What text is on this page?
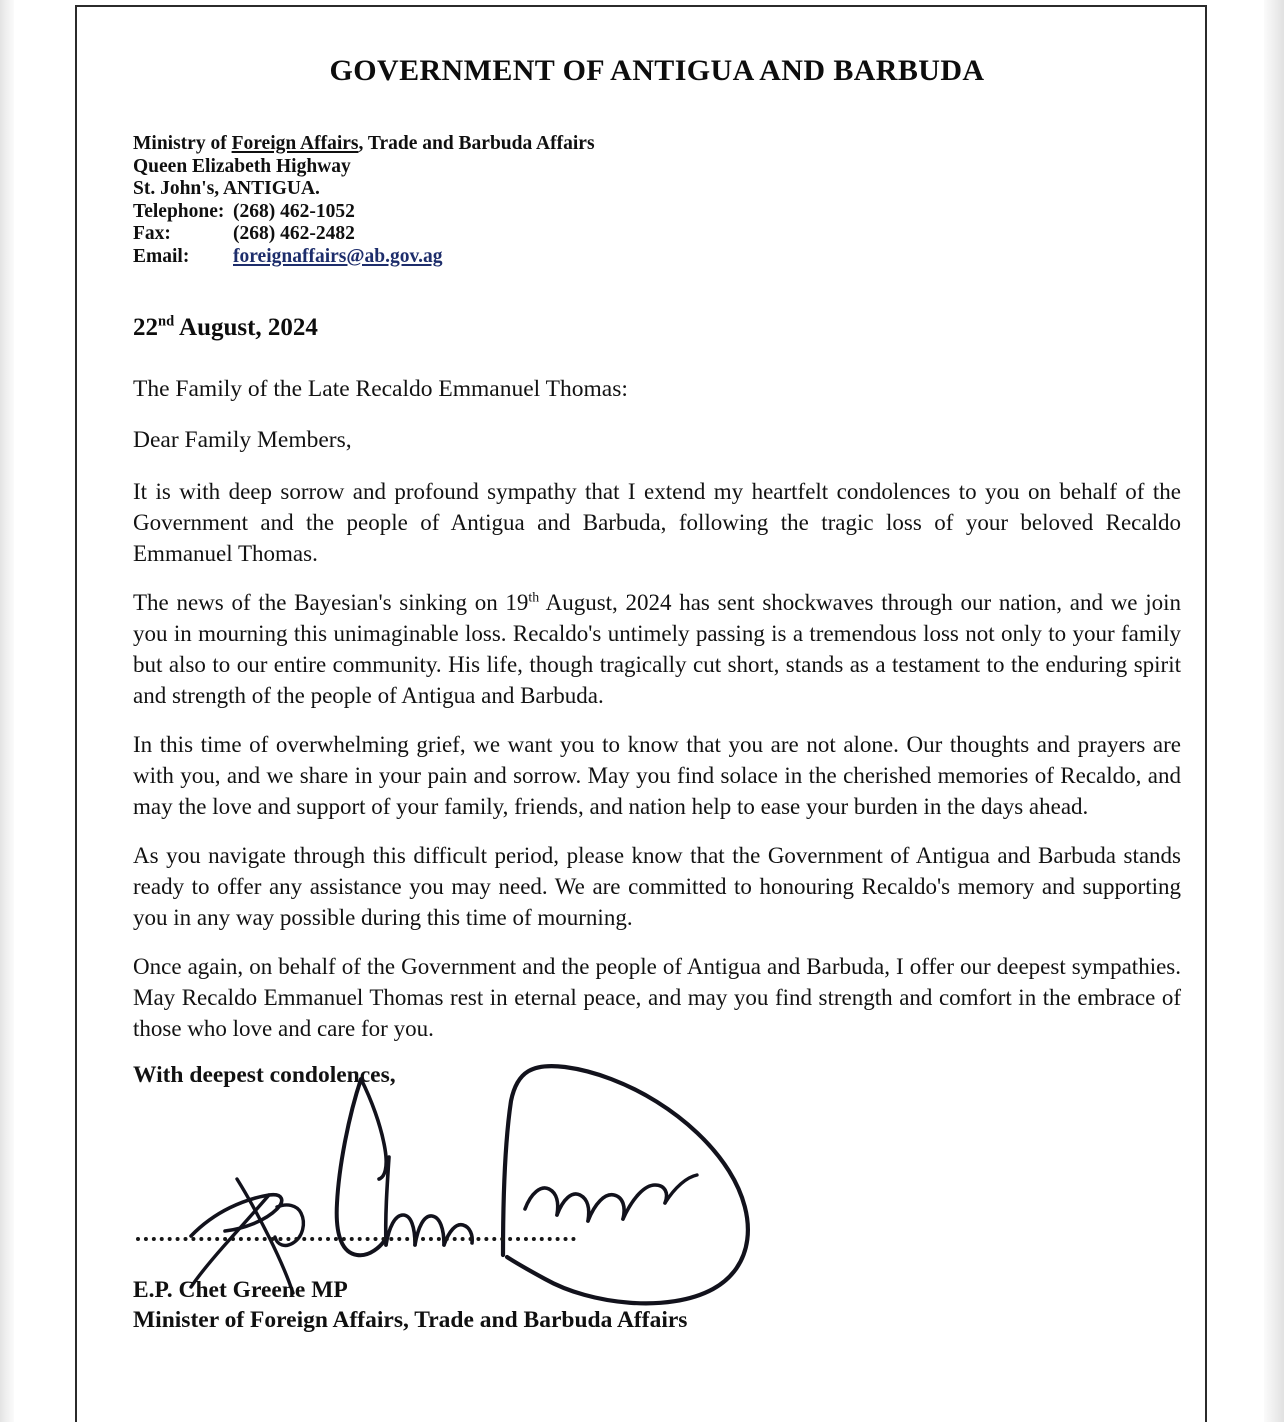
GOVERNMENT OF ANTIGUA AND BARBUDA
Ministry of Foreign Affairs, Trade and Barbuda Affairs
Queen Elizabeth Highway
St. John's, ANTIGUA.
Telephone: (268) 462-1052
Fax:	(268) 462-2482
Email:	foreignaffairs@ab.gov.ag
22nd August, 2024
The Family of the Late Recaldo Emmanuel Thomas:
Dear Family Members,

It is with deep sorrow and profound sympathy that I extend my heartfelt condolences to you on behalf of the Government and the people of Antigua and Barbuda, following the tragic loss of your beloved Recaldo Emmanuel Thomas.

The news of the Bayesian's sinking on 19th August, 2024 has sent shockwaves through our nation, and we join you in mourning this unimaginable loss. Recaldo's untimely passing is a tremendous loss not only to your family but also to our entire community. His life, though tragically cut short, stands as a testament to the enduring spirit and strength of the people of Antigua and Barbuda.

In this time of overwhelming grief, we want you to know that you are not alone. Our thoughts and prayers are with you, and we share in your pain and sorrow. May you find solace in the cherished memories of Recaldo, and may the love and support of your family, friends, and nation help to ease your burden in the days ahead.

As you navigate through this difficult period, please know that the Government of Antigua and Barbuda stands ready to offer any assistance you may need. We are committed to honouring Recaldo's memory and supporting you in any way possible during this time of mourning.

Once again, on behalf of the Government and the people of Antigua and Barbuda, I offer our deepest sympathies. May Recaldo Emmanuel Thomas rest in eternal peace, and may you find strength and comfort in the embrace of those who love and care for you.

With deepest condolences,
E.P. Chet Greene MP
Minister of Foreign Affairs, Trade and Barbuda Affairs
